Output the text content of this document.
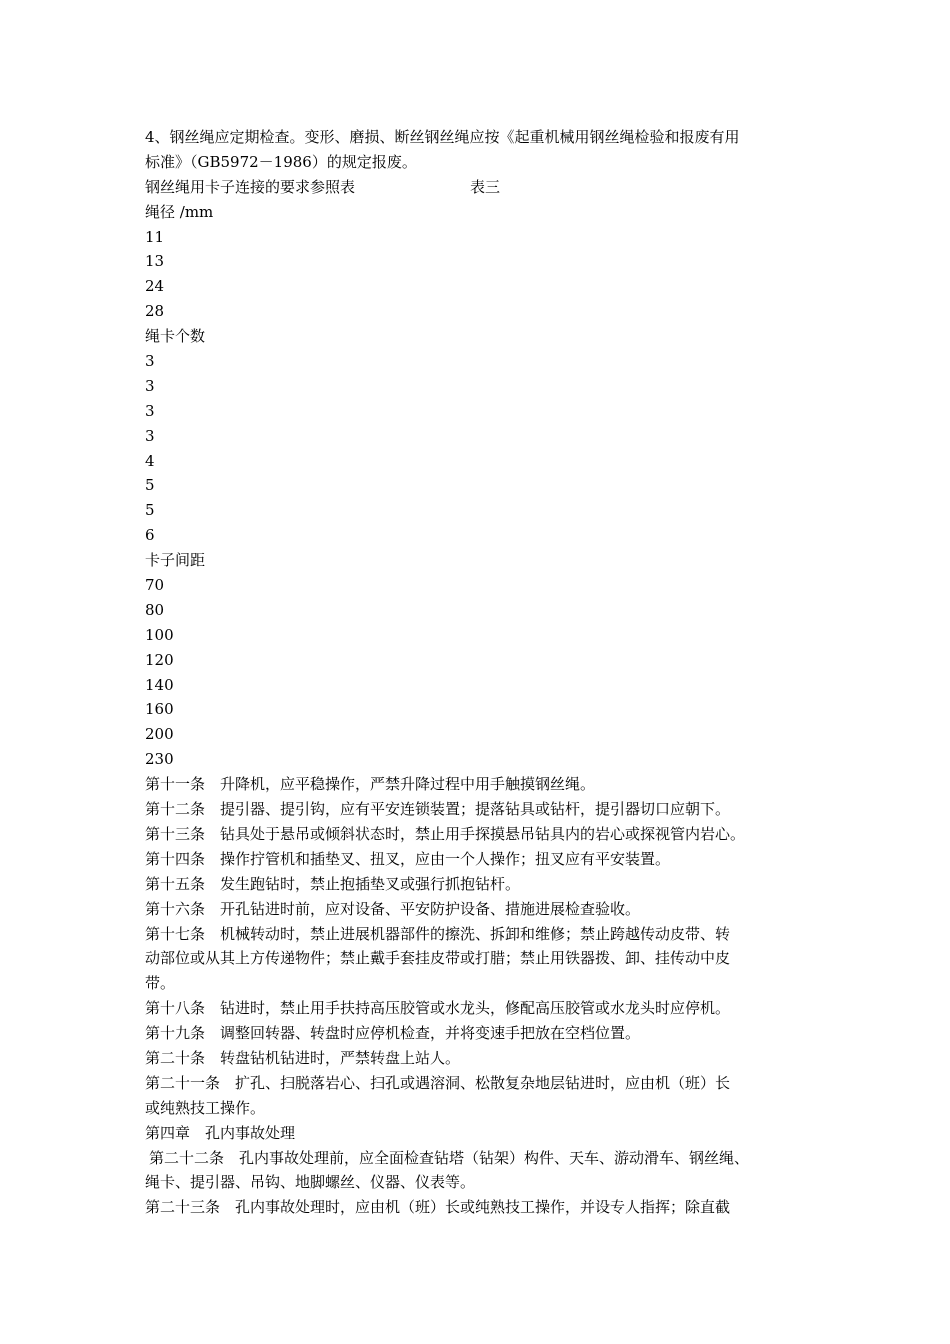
4、钢丝绳应定期检查。变形、磨损、断丝钢丝绳应按《起重机械用钢丝绳检验和报废有用
标准》（GB5972－1986）的规定报废。
钢丝绳用卡子连接的要求参照表	表三
绳径 /mm
11
13
24
28
绳卡个数
3
3
3
3
4
5
5
6
卡子间距
70
80
100
120
140
160
200
230
第十一条　升降机，应平稳操作，严禁升降过程中用手触摸钢丝绳。
第十二条　提引器、提引钩，应有平安连锁装置；提落钻具或钻杆，提引器切口应朝下。
第十三条　钻具处于悬吊或倾斜状态时，禁止用手探摸悬吊钻具内的岩心或探视管内岩心。
第十四条　操作拧管机和插垫叉、扭叉，应由一个人操作；扭叉应有平安装置。
第十五条　发生跑钻时，禁止抱插垫叉或强行抓抱钻杆。
第十六条　开孔钻进时前，应对设备、平安防护设备、措施进展检查验收。
第十七条　机械转动时，禁止进展机器部件的擦洗、拆卸和维修；禁止跨越传动皮带、转
动部位或从其上方传递物件；禁止戴手套挂皮带或打腊；禁止用铁器拨、卸、挂传动中皮
带。
第十八条　钻进时，禁止用手扶持高压胶管或水龙头，修配高压胶管或水龙头时应停机。
第十九条　调整回转器、转盘时应停机检查，并将变速手把放在空档位置。
第二十条　转盘钻机钻进时，严禁转盘上站人。
第二十一条　扩孔、扫脱落岩心、扫孔或遇溶洞、松散复杂地层钻进时，应由机（班）长
或纯熟技工操作。
第四章　孔内事故处理
第二十二条　孔内事故处理前，应全面检查钻塔（钻架）构件、天车、游动滑车、钢丝绳、
绳卡、提引器、吊钩、地脚螺丝、仪器、仪表等。
第二十三条　孔内事故处理时，应由机（班）长或纯熟技工操作，并设专人指挥；除直截
